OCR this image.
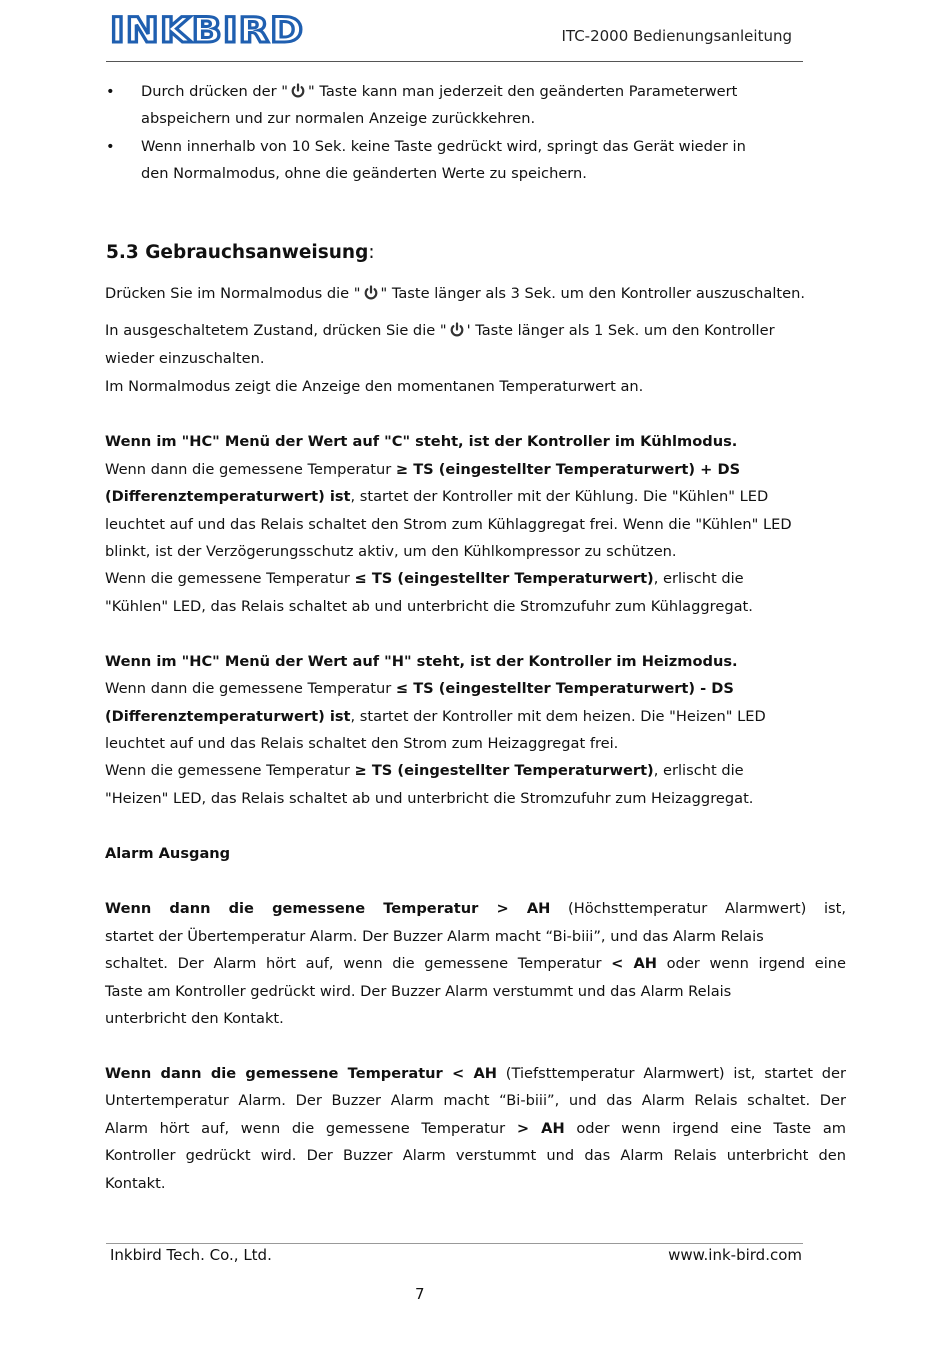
INKBIRD	ITC-2000 Bedienungsanleitung
• Durch drücken der " " Taste kann man jederzeit den geänderten Parameterwert
abspeichern und zur normalen Anzeige zurückkehren.
• Wenn innerhalb von 10 Sek. keine Taste gedrückt wird, springt das Gerät wieder in
den Normalmodus, ohne die geänderten Werte zu speichern.
5.3 Gebrauchsanweisung:
Drücken Sie im Normalmodus die " " Taste länger als 3 Sek. um den Kontroller auszuschalten.
In ausgeschaltetem Zustand, drücken Sie die " ' Taste länger als 1 Sek. um den Kontroller
wieder einzuschalten.
Im Normalmodus zeigt die Anzeige den momentanen Temperaturwert an.
Wenn im "HC" Menü der Wert auf "C" steht, ist der Kontroller im Kühlmodus.
Wenn dann die gemessene Temperatur ≥ TS (eingestellter Temperaturwert) + DS
(Differenztemperaturwert) ist, startet der Kontroller mit der Kühlung. Die "Kühlen" LED
leuchtet auf und das Relais schaltet den Strom zum Kühlaggregat frei. Wenn die "Kühlen" LED
blinkt, ist der Verzögerungsschutz aktiv, um den Kühlkompressor zu schützen.
Wenn die gemessene Temperatur ≤ TS (eingestellter Temperaturwert), erlischt die
"Kühlen" LED, das Relais schaltet ab und unterbricht die Stromzufuhr zum Kühlaggregat.
Wenn im "HC" Menü der Wert auf "H" steht, ist der Kontroller im Heizmodus.
Wenn dann die gemessene Temperatur ≤ TS (eingestellter Temperaturwert) - DS
(Differenztemperaturwert) ist, startet der Kontroller mit dem heizen. Die "Heizen" LED
leuchtet auf und das Relais schaltet den Strom zum Heizaggregat frei.
Wenn die gemessene Temperatur ≥ TS (eingestellter Temperaturwert), erlischt die
"Heizen" LED, das Relais schaltet ab und unterbricht die Stromzufuhr zum Heizaggregat.
Alarm Ausgang
Wenn dann die gemessene Temperatur > AH (Höchsttemperatur Alarmwert) ist,
startet der Übertemperatur Alarm. Der Buzzer Alarm macht “Bi-biii”, und das Alarm Relais
schaltet. Der Alarm hört auf, wenn die gemessene Temperatur < AH oder wenn irgend eine
Taste am Kontroller gedrückt wird. Der Buzzer Alarm verstummt und das Alarm Relais
unterbricht den Kontakt.
Wenn dann die gemessene Temperatur < AH (Tiefsttemperatur Alarmwert) ist, startet der
Untertemperatur Alarm. Der Buzzer Alarm macht “Bi-biii”, und das Alarm Relais schaltet. Der
Alarm hört auf, wenn die gemessene Temperatur > AH oder wenn irgend eine Taste am
Kontroller gedrückt wird. Der Buzzer Alarm verstummt und das Alarm Relais unterbricht den
Kontakt.
Inkbird Tech. Co., Ltd.	www.ink-bird.com
7
